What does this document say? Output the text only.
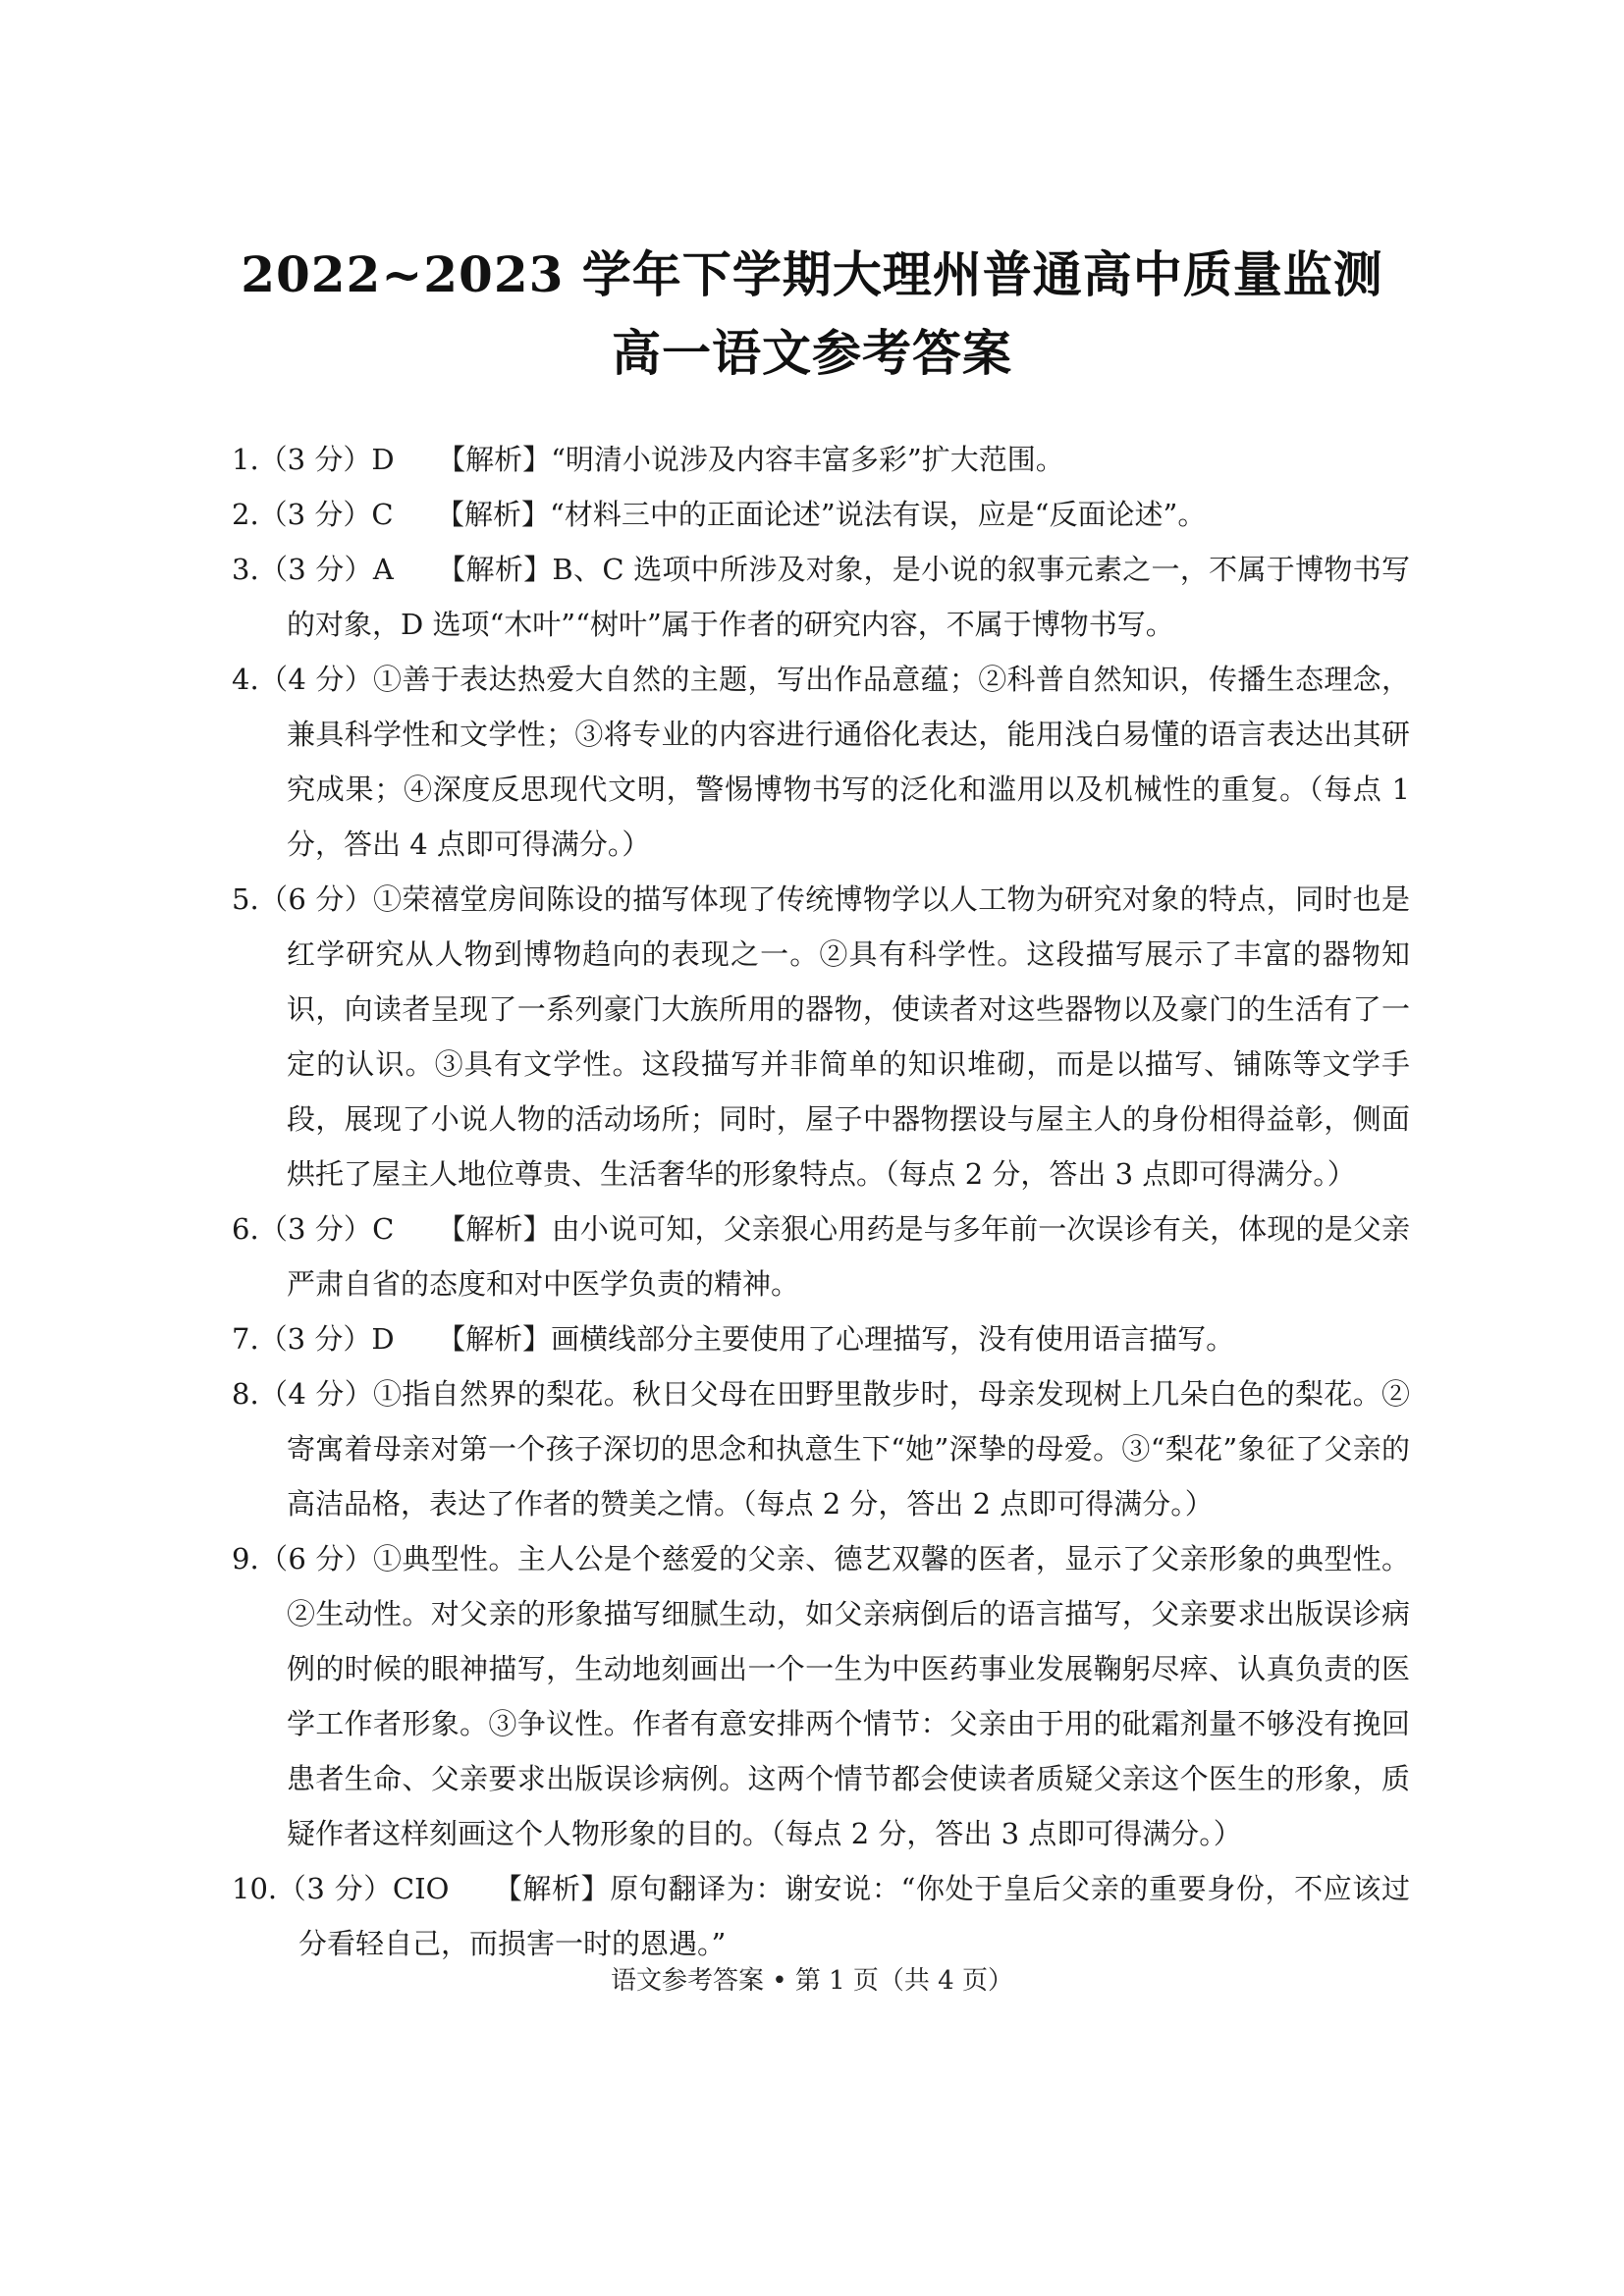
2022~2023 学年下学期大理州普通高中质量监测
高一语文参考答案
1.（3 分）D　　【解析】“明清小说涉及内容丰富多彩”扩大范围。
2.（3 分）C　　【解析】“材料三中的正面论述”说法有误，应是“反面论述”。
3.（3 分）A　　【解析】B、C 选项中所涉及对象，是小说的叙事元素之一，不属于博物书写的对象，D 选项“木叶”“树叶”属于作者的研究内容，不属于博物书写。
4.（4 分）①善于表达热爱大自然的主题，写出作品意蕴；②科普自然知识，传播生态理念，兼具科学性和文学性；③将专业的内容进行通俗化表达，能用浅白易懂的语言表达出其研究成果；④深度反思现代文明，警惕博物书写的泛化和滥用以及机械性的重复。（每点 1 分，答出 4 点即可得满分。）
5.（6 分）①荣禧堂房间陈设的描写体现了传统博物学以人工物为研究对象的特点，同时也是红学研究从人物到博物趋向的表现之一。②具有科学性。这段描写展示了丰富的器物知识，向读者呈现了一系列豪门大族所用的器物，使读者对这些器物以及豪门的生活有了一定的认识。③具有文学性。这段描写并非简单的知识堆砌，而是以描写、铺陈等文学手段，展现了小说人物的活动场所；同时，屋子中器物摆设与屋主人的身份相得益彰，侧面烘托了屋主人地位尊贵、生活奢华的形象特点。（每点 2 分，答出 3 点即可得满分。）
6.（3 分）C　　【解析】由小说可知，父亲狠心用药是与多年前一次误诊有关，体现的是父亲严肃自省的态度和对中医学负责的精神。
7.（3 分）D　　【解析】画横线部分主要使用了心理描写，没有使用语言描写。
8.（4 分）①指自然界的梨花。秋日父母在田野里散步时，母亲发现树上几朵白色的梨花。②寄寓着母亲对第一个孩子深切的思念和执意生下“她”深挚的母爱。③“梨花”象征了父亲的高洁品格，表达了作者的赞美之情。（每点 2 分，答出 2 点即可得满分。）
9.（6 分）①典型性。主人公是个慈爱的父亲、德艺双馨的医者，显示了父亲形象的典型性。②生动性。对父亲的形象描写细腻生动，如父亲病倒后的语言描写，父亲要求出版误诊病例的时候的眼神描写，生动地刻画出一个一生为中医药事业发展鞠躬尽瘁、认真负责的医学工作者形象。③争议性。作者有意安排两个情节：父亲由于用的砒霜剂量不够没有挽回患者生命、父亲要求出版误诊病例。这两个情节都会使读者质疑父亲这个医生的形象，质疑作者这样刻画这个人物形象的目的。（每点 2 分，答出 3 点即可得满分。）
10.（3 分）CIO　　【解析】原句翻译为：谢安说：“你处于皇后父亲的重要身份，不应该过分看轻自己，而损害一时的恩遇。”
语文参考答案 • 第 1 页（共 4 页）
